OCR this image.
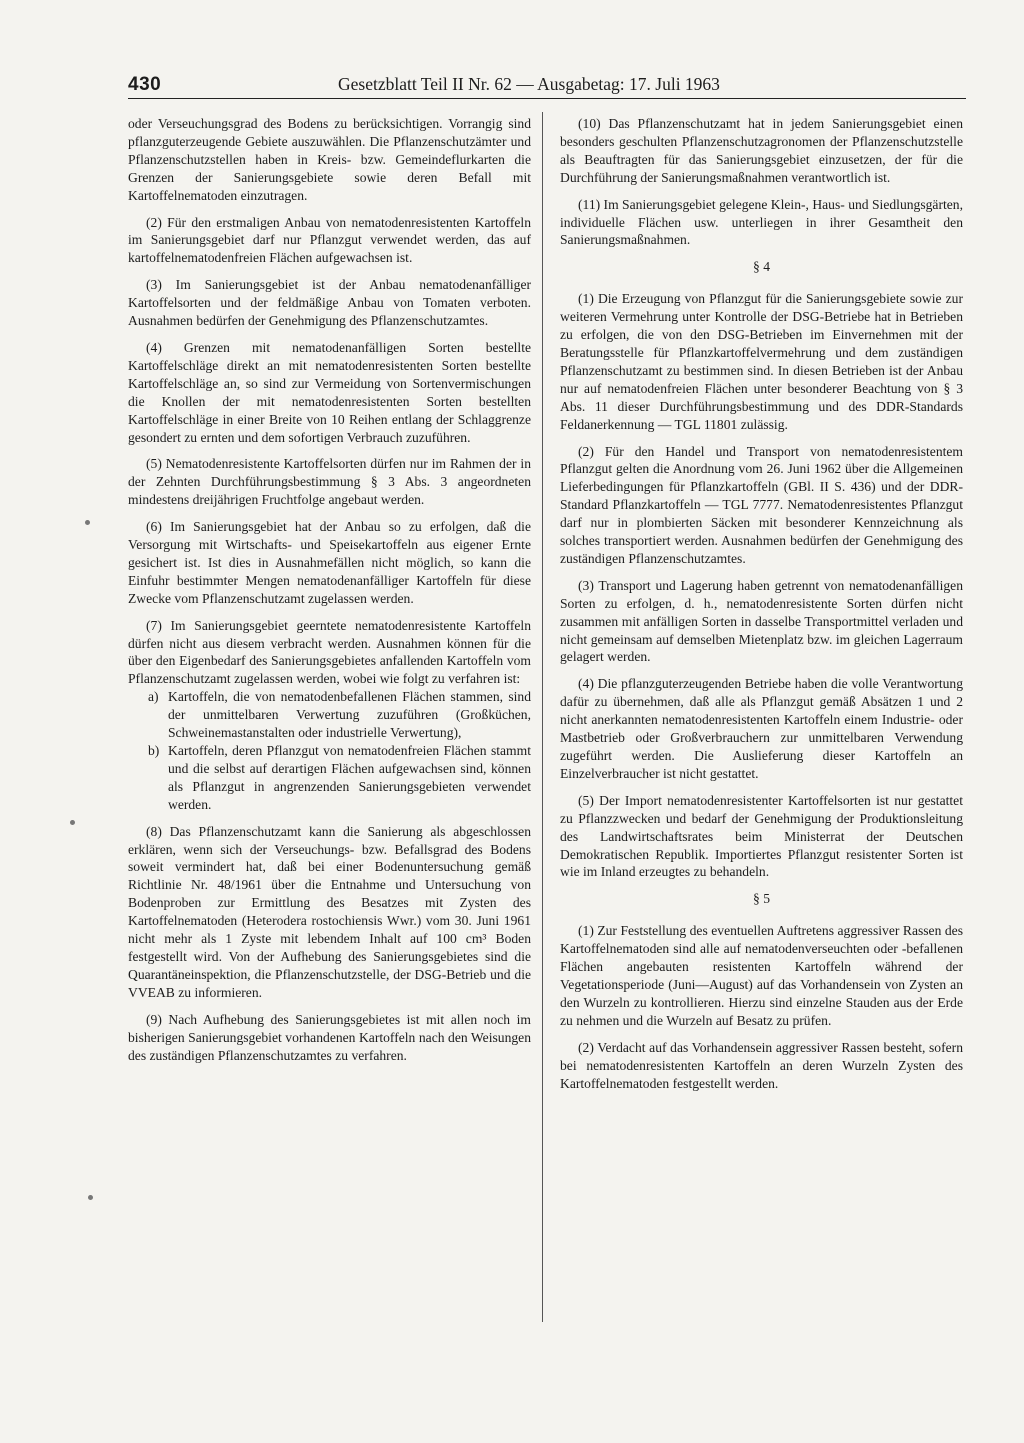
430	Gesetzblatt Teil II Nr. 62 — Ausgabetag: 17. Juli 1963

oder Verseuchungsgrad des Bodens zu berücksichtigen. Vorrangig sind pflanzguterzeugende Gebiete auszuwählen. Die Pflanzenschutzämter und Pflanzenschutzstellen haben in Kreis- bzw. Gemeindeflurkarten die Grenzen der Sanierungsgebiete sowie deren Befall mit Kartoffelnematoden einzutragen.

(2) Für den erstmaligen Anbau von nematodenresistenten Kartoffeln im Sanierungsgebiet darf nur Pflanzgut verwendet werden, das auf kartoffelnematodenfreien Flächen aufgewachsen ist.

(3) Im Sanierungsgebiet ist der Anbau nematodenanfälliger Kartoffelsorten und der feldmäßige Anbau von Tomaten verboten. Ausnahmen bedürfen der Genehmigung des Pflanzenschutzamtes.

(4) Grenzen mit nematodenanfälligen Sorten bestellte Kartoffelschläge direkt an mit nematodenresistenten Sorten bestellte Kartoffelschläge an, so sind zur Vermeidung von Sortenvermischungen die Knollen der mit nematodenresistenten Sorten bestellten Kartoffelschläge in einer Breite von 10 Reihen entlang der Schlaggrenze gesondert zu ernten und dem sofortigen Verbrauch zuzuführen.

(5) Nematodenresistente Kartoffelsorten dürfen nur im Rahmen der in der Zehnten Durchführungsbestimmung § 3 Abs. 3 angeordneten mindestens dreijährigen Fruchtfolge angebaut werden.

(6) Im Sanierungsgebiet hat der Anbau so zu erfolgen, daß die Versorgung mit Wirtschafts- und Speisekartoffeln aus eigener Ernte gesichert ist. Ist dies in Ausnahmefällen nicht möglich, so kann die Einfuhr bestimmter Mengen nematodenanfälliger Kartoffeln für diese Zwecke vom Pflanzenschutzamt zugelassen werden.

(7) Im Sanierungsgebiet geerntete nematodenresistente Kartoffeln dürfen nicht aus diesem verbracht werden. Ausnahmen können für die über den Eigenbedarf des Sanierungsgebietes anfallenden Kartoffeln vom Pflanzenschutzamt zugelassen werden, wobei wie folgt zu verfahren ist:

a) Kartoffeln, die von nematodenbefallenen Flächen stammen, sind der unmittelbaren Verwertung zuzuführen (Großküchen, Schweinemastanstalten oder industrielle Verwertung),

b) Kartoffeln, deren Pflanzgut von nematodenfreien Flächen stammt und die selbst auf derartigen Flächen aufgewachsen sind, können als Pflanzgut in angrenzenden Sanierungsgebieten verwendet werden.

(8) Das Pflanzenschutzamt kann die Sanierung als abgeschlossen erklären, wenn sich der Verseuchungs- bzw. Befallsgrad des Bodens soweit vermindert hat, daß bei einer Bodenuntersuchung gemäß Richtlinie Nr. 48/1961 über die Entnahme und Untersuchung von Bodenproben zur Ermittlung des Besatzes mit Zysten des Kartoffelnematoden (Heterodera rostochiensis Wwr.) vom 30. Juni 1961 nicht mehr als 1 Zyste mit lebendem Inhalt auf 100 cm³ Boden festgestellt wird. Von der Aufhebung des Sanierungsgebietes sind die Quarantäneinspektion, die Pflanzenschutzstelle, der DSG-Betrieb und die VVEAB zu informieren.

(9) Nach Aufhebung des Sanierungsgebietes ist mit allen noch im bisherigen Sanierungsgebiet vorhandenen Kartoffeln nach den Weisungen des zuständigen Pflanzenschutzamtes zu verfahren.

(10) Das Pflanzenschutzamt hat in jedem Sanierungsgebiet einen besonders geschulten Pflanzenschutzagronomen der Pflanzenschutzstelle als Beauftragten für das Sanierungsgebiet einzusetzen, der für die Durchführung der Sanierungsmaßnahmen verantwortlich ist.

(11) Im Sanierungsgebiet gelegene Klein-, Haus- und Siedlungsgärten, individuelle Flächen usw. unterliegen in ihrer Gesamtheit den Sanierungsmaßnahmen.

§ 4

(1) Die Erzeugung von Pflanzgut für die Sanierungsgebiete sowie zur weiteren Vermehrung unter Kontrolle der DSG-Betriebe hat in Betrieben zu erfolgen, die von den DSG-Betrieben im Einvernehmen mit der Beratungsstelle für Pflanzkartoffelvermehrung und dem zuständigen Pflanzenschutzamt zu bestimmen sind. In diesen Betrieben ist der Anbau nur auf nematodenfreien Flächen unter besonderer Beachtung von § 3 Abs. 11 dieser Durchführungsbestimmung und des DDR-Standards Feldanerkennung — TGL 11801 zulässig.

(2) Für den Handel und Transport von nematodenresistentem Pflanzgut gelten die Anordnung vom 26. Juni 1962 über die Allgemeinen Lieferbedingungen für Pflanzkartoffeln (GBl. II S. 436) und der DDR-Standard Pflanzkartoffeln — TGL 7777. Nematodenresistentes Pflanzgut darf nur in plombierten Säcken mit besonderer Kennzeichnung als solches transportiert werden. Ausnahmen bedürfen der Genehmigung des zuständigen Pflanzenschutzamtes.

(3) Transport und Lagerung haben getrennt von nematodenanfälligen Sorten zu erfolgen, d. h., nematodenresistente Sorten dürfen nicht zusammen mit anfälligen Sorten in dasselbe Transportmittel verladen und nicht gemeinsam auf demselben Mietenplatz bzw. im gleichen Lagerraum gelagert werden.

(4) Die pflanzguterzeugenden Betriebe haben die volle Verantwortung dafür zu übernehmen, daß alle als Pflanzgut gemäß Absätzen 1 und 2 nicht anerkannten nematodenresistenten Kartoffeln einem Industrie- oder Mastbetrieb oder Großverbrauchern zur unmittelbaren Verwendung zugeführt werden. Die Auslieferung dieser Kartoffeln an Einzelverbraucher ist nicht gestattet.

(5) Der Import nematodenresistenter Kartoffelsorten ist nur gestattet zu Pflanzzwecken und bedarf der Genehmigung der Produktionsleitung des Landwirtschaftsrates beim Ministerrat der Deutschen Demokratischen Republik. Importiertes Pflanzgut resistenter Sorten ist wie im Inland erzeugtes zu behandeln.

§ 5

(1) Zur Feststellung des eventuellen Auftretens aggressiver Rassen des Kartoffelnematoden sind alle auf nematodenverseuchten oder -befallenen Flächen angebauten resistenten Kartoffeln während der Vegetationsperiode (Juni—August) auf das Vorhandensein von Zysten an den Wurzeln zu kontrollieren. Hierzu sind einzelne Stauden aus der Erde zu nehmen und die Wurzeln auf Besatz zu prüfen.

(2) Verdacht auf das Vorhandensein aggressiver Rassen besteht, sofern bei nematodenresistenten Kartoffeln an deren Wurzeln Zysten des Kartoffelnematoden festgestellt werden.
